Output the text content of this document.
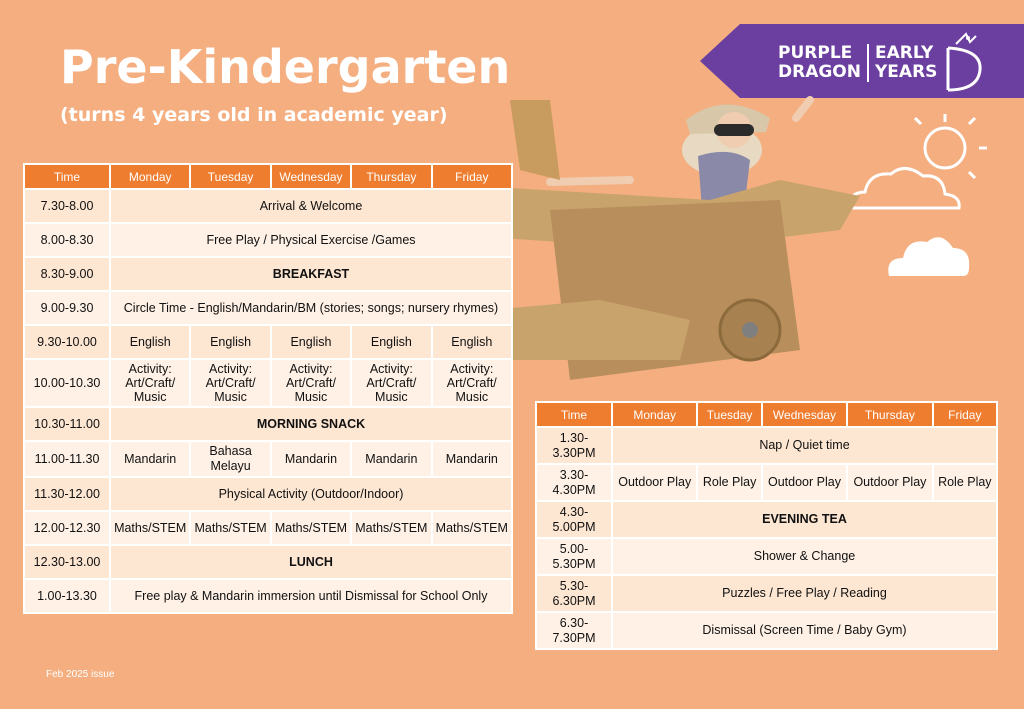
Pre-Kindergarten
(turns 4 years old in academic year)
PURPLE
DRAGON
EARLY
YEARS
Time	Monday	Tuesday	Wednesday	Thursday	Friday
7.30-8.00	Arrival & Welcome				
8.00-8.30	Free Play / Physical Exercise /Games				
8.30-9.00	BREAKFAST				
9.00-9.30	Circle Time - English/Mandarin/BM (stories; songs; nursery rhymes)				
9.30-10.00	English	English	English	English	English
10.00-10.30	Activity: Art/Craft/ Music	Activity: Art/Craft/ Music	Activity: Art/Craft/ Music	Activity: Art/Craft/ Music	Activity: Art/Craft/ Music
10.30-11.00	MORNING SNACK				
11.00-11.30	Mandarin	Bahasa Melayu	Mandarin	Mandarin	Mandarin
11.30-12.00	Physical Activity (Outdoor/Indoor)				
12.00-12.30	Maths/STEM	Maths/STEM	Maths/STEM	Maths/STEM	Maths/STEM
12.30-13.00	LUNCH				
1.00-13.30	Free play & Mandarin immersion until Dismissal for School Only				
Time	Monday	Tuesday	Wednesday	Thursday	Friday
1.30- 3.30PM	Nap / Quiet time				
3.30- 4.30PM	Outdoor Play	Role Play	Outdoor Play	Outdoor Play	Role Play
4.30- 5.00PM	EVENING TEA				
5.00- 5.30PM	Shower & Change				
5.30- 6.30PM	Puzzles / Free Play / Reading				
6.30- 7.30PM	Dismissal (Screen Time / Baby Gym)				
Feb 2025 issue
